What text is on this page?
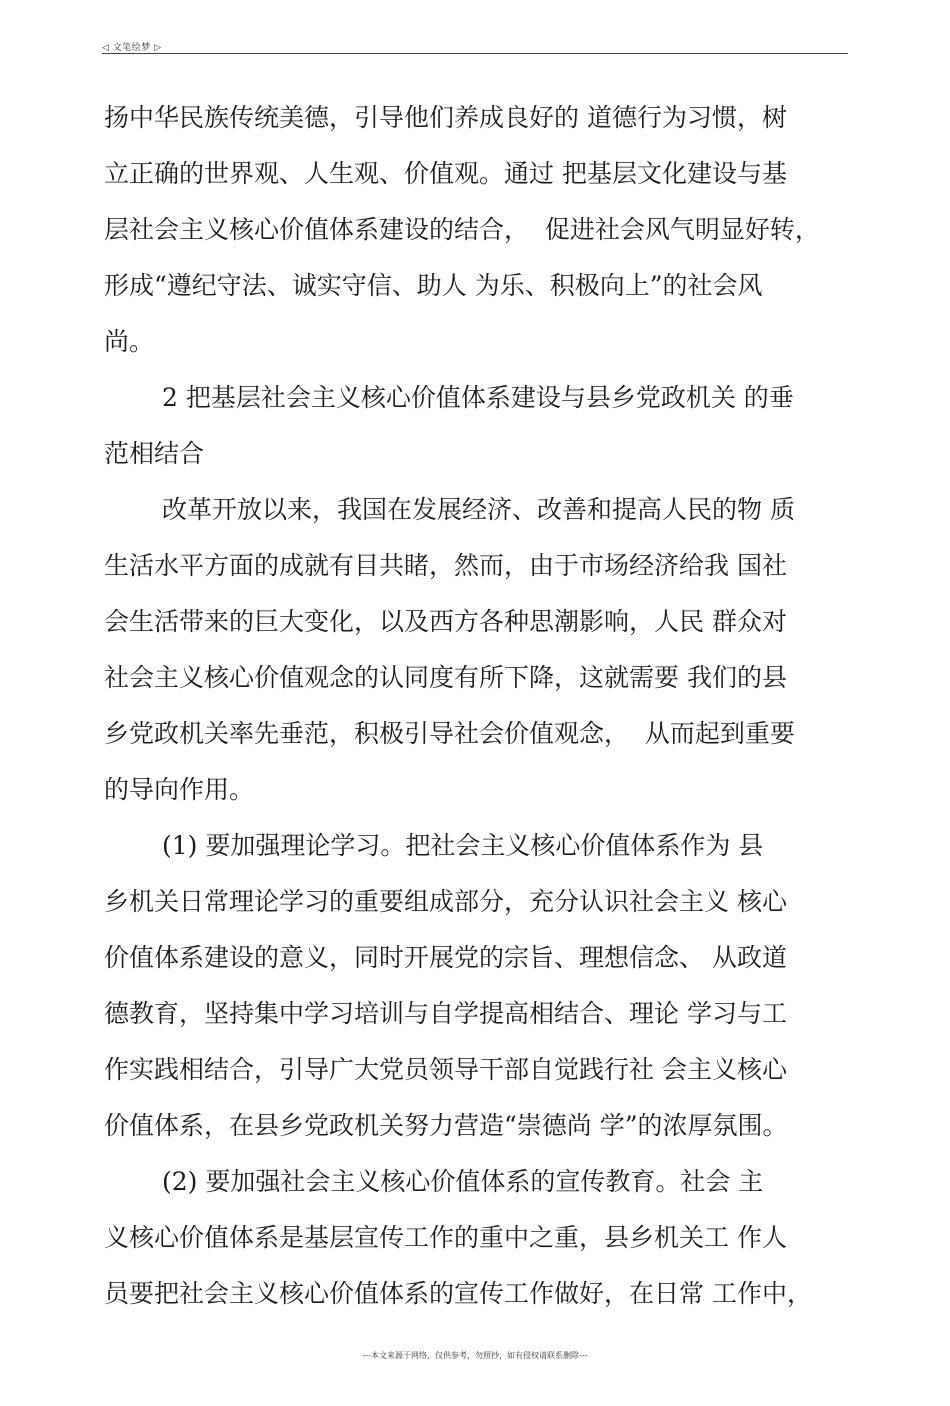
◁ 文笔绘梦 ▷
扬中华民族传统美德，引导他们养成良好的 道德行为习惯，树
立正确的世界观、人生观、价值观。通过 把基层文化建设与基
层社会主义核心价值体系建设的结合，  促进社会风气明显好转，
形成“遵纪守法、诚实守信、助人 为乐、积极向上”的社会风
尚。
2 把基层社会主义核心价值体系建设与县乡党政机关 的垂
范相结合
改革开放以来，我国在发展经济、改善和提高人民的物 质
生活水平方面的成就有目共睹，然而，由于市场经济给我 国社
会生活带来的巨大变化，以及西方各种思潮影响，人民 群众对
社会主义核心价值观念的认同度有所下降，这就需要 我们的县
乡党政机关率先垂范，积极引导社会价值观念，  从而起到重要
的导向作用。
(1) 要加强理论学习。把社会主义核心价值体系作为 县
乡机关日常理论学习的重要组成部分，充分认识社会主义 核心
价值体系建设的意义，同时开展党的宗旨、理想信念、 从政道
德教育，坚持集中学习培训与自学提高相结合、理论 学习与工
作实践相结合，引导广大党员领导干部自觉践行社 会主义核心
价值体系，在县乡党政机关努力营造“崇德尚 学”的浓厚氛围。
(2) 要加强社会主义核心价值体系的宣传教育。社会 主
义核心价值体系是基层宣传工作的重中之重，县乡机关工 作人
员要把社会主义核心价值体系的宣传工作做好，在日常 工作中，
---本文来源于网络，仅供参考，勿照抄，如有侵权请联系删除---
